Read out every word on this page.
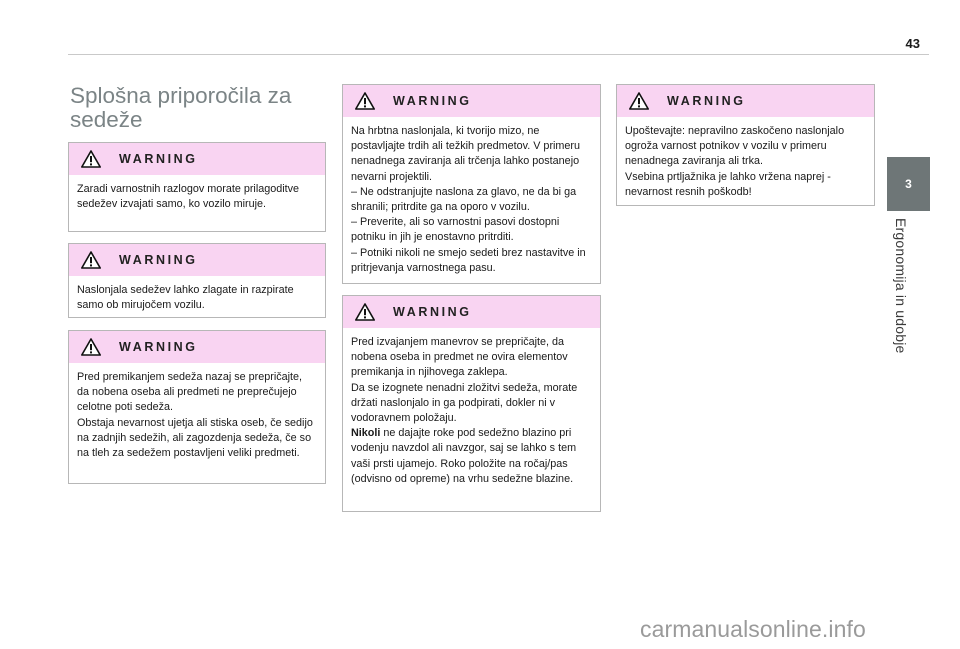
43
3
Ergonomija in udobje
Splošna priporočila za sedeže
WARNING

Zaradi varnostnih razlogov morate prilagoditve sedežev izvajati samo, ko vozilo miruje.

WARNING

Naslonjala sedežev lahko zlagate in razpirate samo ob mirujočem vozilu.

WARNING

Pred premikanjem sedeža nazaj se prepričajte, da nobena oseba ali predmeti ne preprečujejo celotne poti sedeža.

Obstaja nevarnost ujetja ali stiska oseb, če sedijo na zadnjih sedežih, ali zagozdenja sedeža, če so na tleh za sedežem postavljeni veliki predmeti.

WARNING

Na hrbtna naslonjala, ki tvorijo mizo, ne postavljajte trdih ali težkih predmetov. V primeru nenadnega zaviranja ali trčenja lahko postanejo nevarni projektili.

– Ne odstranjujte naslona za glavo, ne da bi ga shranili; pritrdite ga na oporo v vozilu.

– Preverite, ali so varnostni pasovi dostopni potniku in jih je enostavno pritrditi.

– Potniki nikoli ne smejo sedeti brez nastavitve in pritrjevanja varnostnega pasu.

WARNING

Pred izvajanjem manevrov se prepričajte, da nobena oseba in predmet ne ovira elementov premikanja in njihovega zaklepa.

Da se izognete nenadni zložitvi sedeža, morate držati naslonjalo in ga podpirati, dokler ni v vodoravnem položaju.

Nikoli ne dajajte roke pod sedežno blazino pri vodenju navzdol ali navzgor, saj se lahko s tem vaši prsti ujamejo. Roko položite na ročaj/pas (odvisno od opreme) na vrhu sedežne blazine.

WARNING

Upoštevajte: nepravilno zaskočeno naslonjalo ogroža varnost potnikov v vozilu v primeru nenadnega zaviranja ali trka.

Vsebina prtljažnika je lahko vržena naprej - nevarnost resnih poškodb!

carmanualsonline.info
